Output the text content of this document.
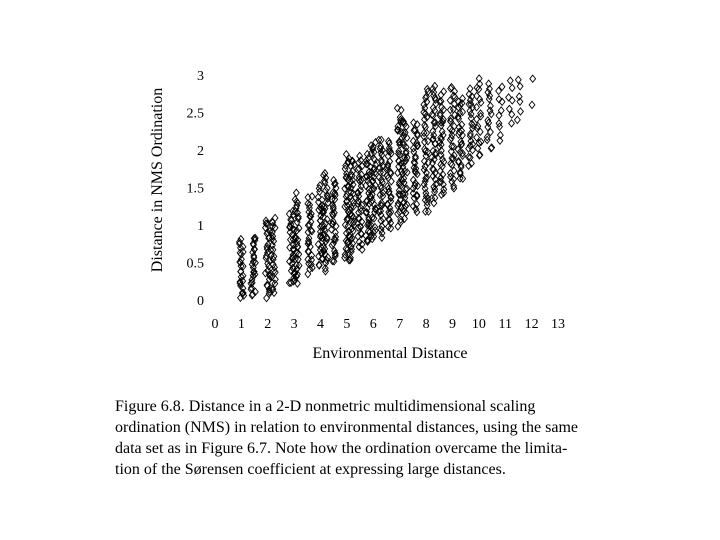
0
0.5
1
1.5
2
2.5
3
0 1 2 3 4 5 6 7 8 9 10 11 12 13
Environmental Distance
Distance in NMS Ordination

Figure 6.8. Distance in a 2-D nonmetric multidimensional scaling
ordination (NMS) in relation to environmental distances, using the same
data set as in Figure 6.7. Note how the ordination overcame the limita-
tion of the Sørensen coefficient at expressing large distances.
